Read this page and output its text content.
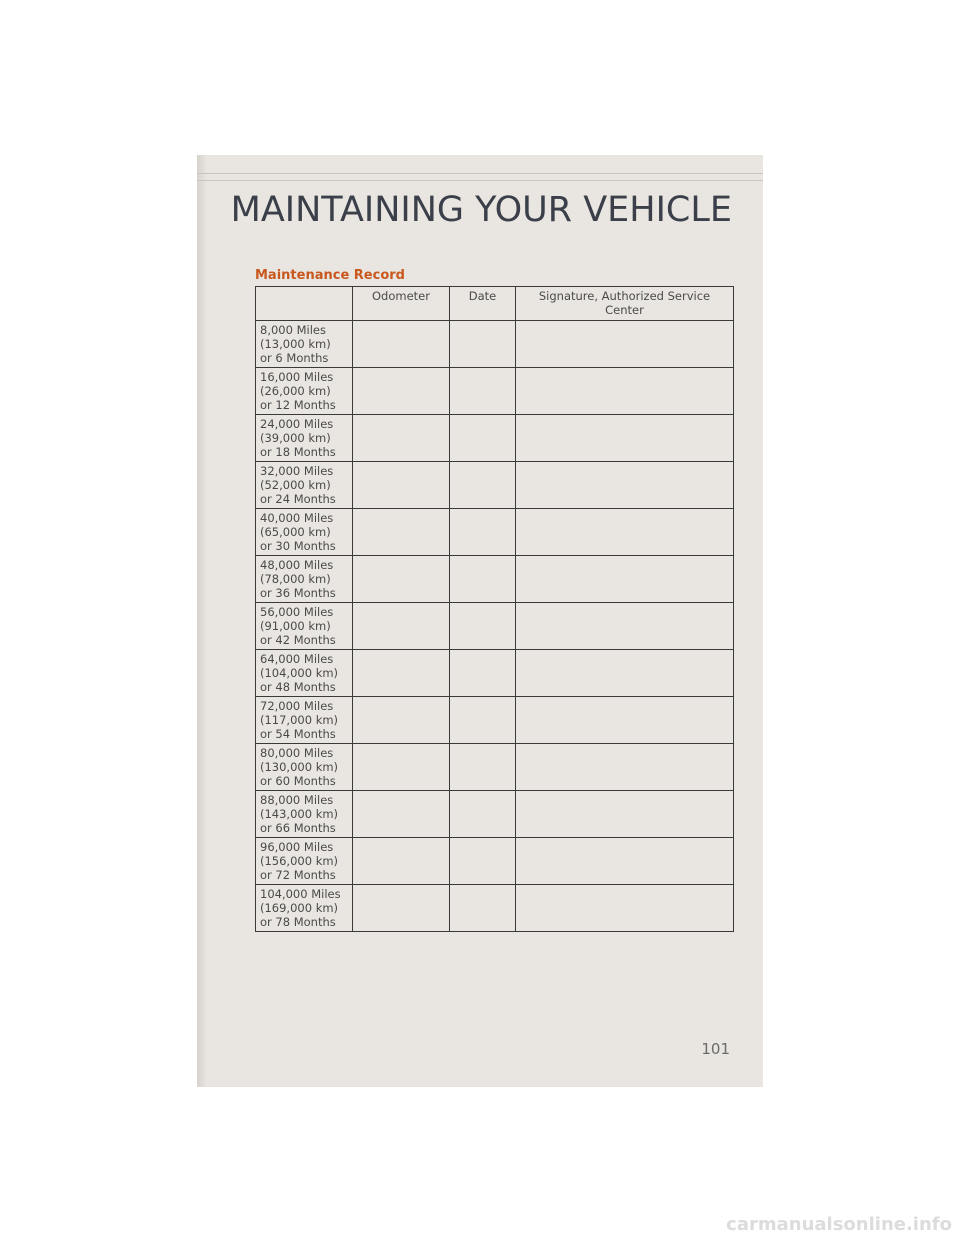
MAINTAINING YOUR VEHICLE
Maintenance Record
	Odometer	Date	Signature, Authorized Service Center

8,000 Miles
(13,000 km)
or 6 Months			

16,000 Miles
(26,000 km)
or 12 Months			

24,000 Miles
(39,000 km)
or 18 Months			

32,000 Miles
(52,000 km)
or 24 Months			

40,000 Miles
(65,000 km)
or 30 Months			

48,000 Miles
(78,000 km)
or 36 Months			

56,000 Miles
(91,000 km)
or 42 Months			

64,000 Miles
(104,000 km)
or 48 Months			

72,000 Miles
(117,000 km)
or 54 Months			

80,000 Miles
(130,000 km)
or 60 Months			

88,000 Miles
(143,000 km)
or 66 Months			

96,000 Miles
(156,000 km)
or 72 Months			

104,000 Miles
(169,000 km)
or 78 Months			

101
carmanualsonline.info
